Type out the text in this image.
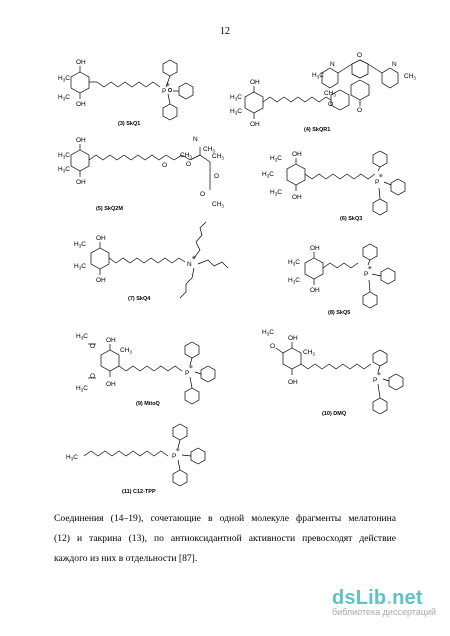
12
OH
$H_3C$
$H_3C$
OH
P
⊕	OH
$H_3C$
$H_3C$
OH
$H_3C$
N
$CH_3$
O
N
$CH_3$
O
O
OH
$H_3C$
$H_3C$
OH
O	O
N
$CH_3$
$CH_3$
$CH_3$
O
O
$CH_3$
OH
$H_3C$
$H_3C$
$H_3C$
OH
P
⊕
OH
$H_3C$
$H_3C$
OH
N
⊕
OH
$H_3C$
$H_3C$
OH
P
⊕
OH
$H_3C$
O
$CH_3$
O
$H_3C$
OH
P
⊕
OH
$H_3C$
O
$CH_3$
OH	P
⊕
$H_3C$	P
⊕
(3) SkQ1
(4) SkQR1
(5) SkQ2M
(6) SkQ3
(7) SkQ4
(8) SkQ5
(9) MitoQ
(10) DMQ
(11) C12-TPP
Соединения (14–19), сочетающие в одной молекуле фрагменты мелатонина
(12) и такрина (13), по антиоксидантной активности превосходят действие
каждого из них в отдельности [87].
dsLib.net
библиотека диссертаций
